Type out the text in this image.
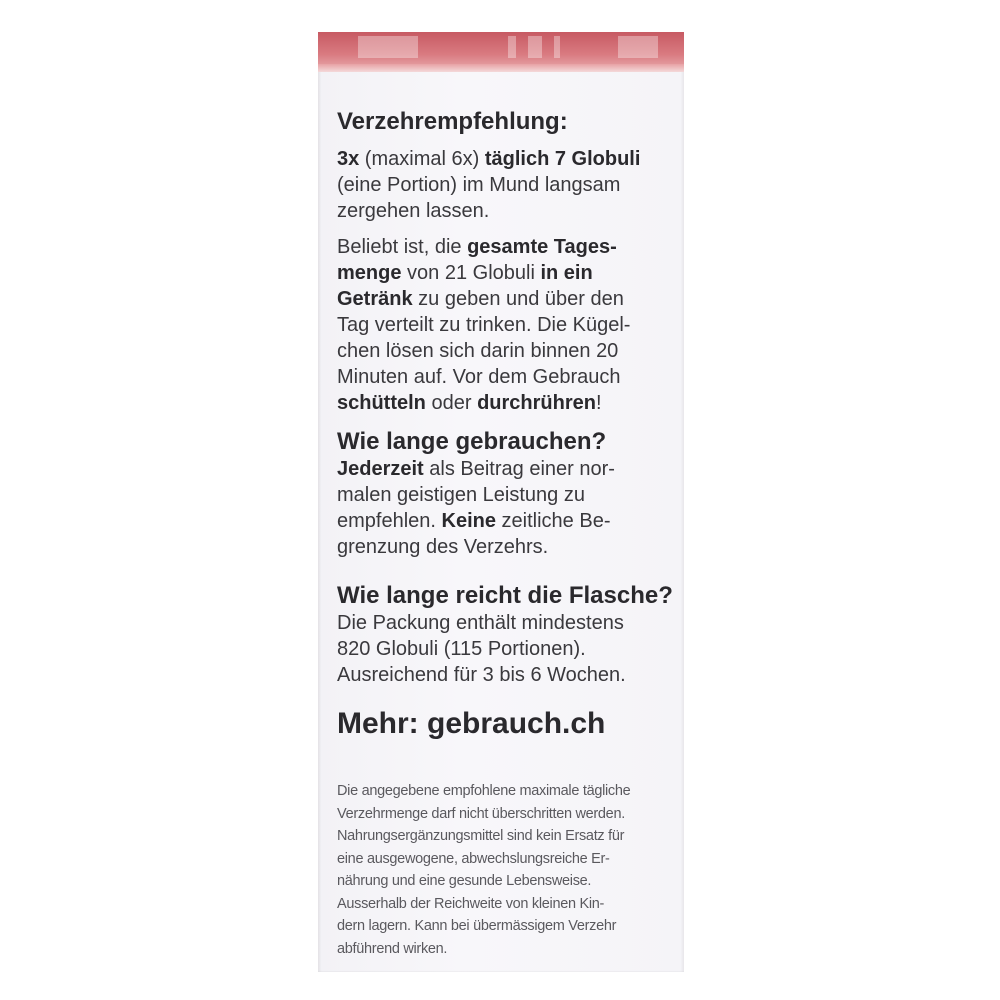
Verzehrempfehlung:

3x (maximal 6x) täglich 7 Globuli
(eine Portion) im Mund langsam
zergehen lassen.

Beliebt ist, die gesamte Tages-
menge von 21 Globuli in ein
Getränk zu geben und über den
Tag verteilt zu trinken. Die Kügel-
chen lösen sich darin binnen 20
Minuten auf. Vor dem Gebrauch
schütteln oder durchrühren!

Wie lange gebrauchen?

Jederzeit als Beitrag einer nor-
malen geistigen Leistung zu
empfehlen. Keine zeitliche Be-
grenzung des Verzehrs.

Wie lange reicht die Flasche?

Die Packung enthält mindestens
820 Globuli (115 Portionen).
Ausreichend für 3 bis 6 Wochen.

Mehr: gebrauch.ch

Die angegebene empfohlene maximale tägliche
Verzehrmenge darf nicht überschritten werden.
Nahrungsergänzungsmittel sind kein Ersatz für
eine ausgewogene, abwechslungsreiche Er-
nährung und eine gesunde Lebensweise.
Ausserhalb der Reichweite von kleinen Kin-
dern lagern. Kann bei übermässigem Verzehr
abführend wirken.
